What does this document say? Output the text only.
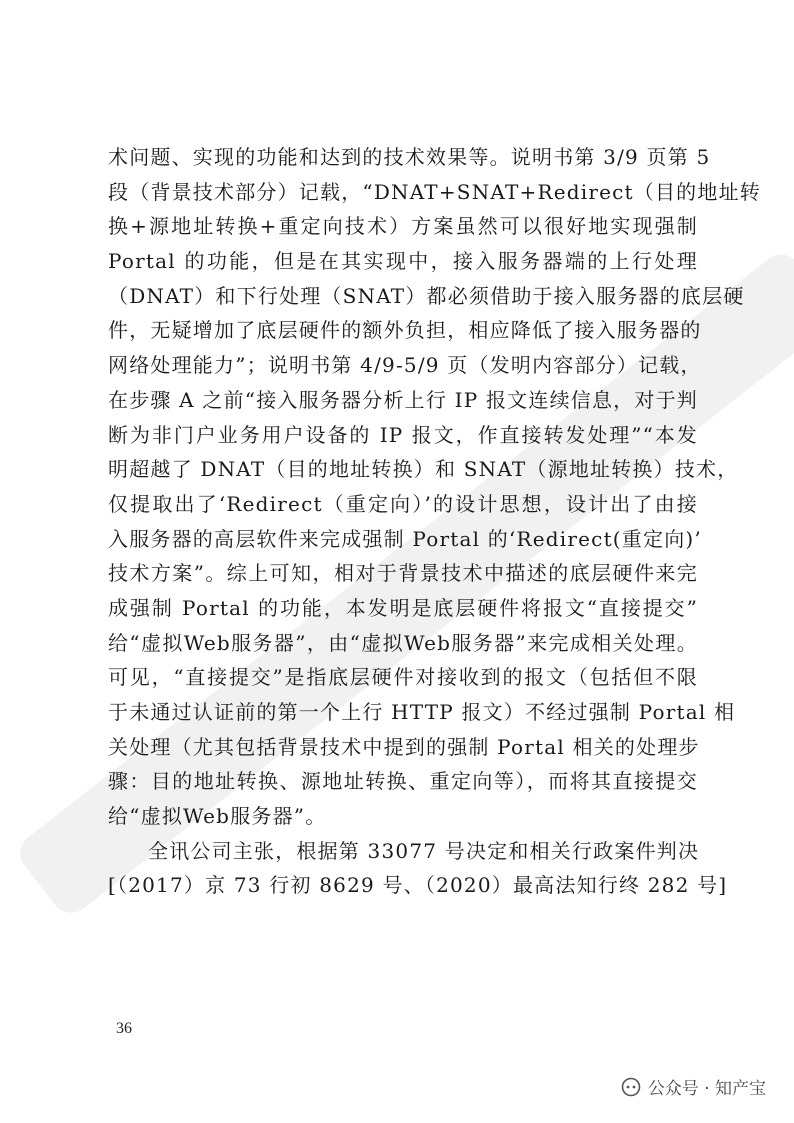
术问题、实现的功能和达到的技术效果等。说明书第 3/9 页第 5
段（背景技术部分）记载，“DNAT+SNAT+Redirect（目的地址转
换+源地址转换+重定向技术）方案虽然可以很好地实现强制
Portal 的功能，但是在其实现中，接入服务器端的上行处理
（DNAT）和下行处理（SNAT）都必须借助于接入服务器的底层硬
件，无疑增加了底层硬件的额外负担，相应降低了接入服务器的
网络处理能力”；说明书第 4/9-5/9 页（发明内容部分）记载，
在步骤 A 之前“接入服务器分析上行 IP 报文连续信息，对于判
断为非门户业务用户设备的 IP 报文，作直接转发处理”“本发
明超越了 DNAT（目的地址转换）和 SNAT（源地址转换）技术，
仅提取出了‘Redirect（重定向）’的设计思想，设计出了由接
入服务器的高层软件来完成强制 Portal 的‘Redirect(重定向)’
技术方案”。综上可知，相对于背景技术中描述的底层硬件来完
成强制 Portal 的功能，本发明是底层硬件将报文“直接提交”
给“虚拟Web服务器”，由“虚拟Web服务器”来完成相关处理。
可见，“直接提交”是指底层硬件对接收到的报文（包括但不限
于未通过认证前的第一个上行 HTTP 报文）不经过强制 Portal 相
关处理（尤其包括背景技术中提到的强制 Portal 相关的处理步
骤：目的地址转换、源地址转换、重定向等），而将其直接提交
给“虚拟Web服务器”。
全讯公司主张，根据第 33077 号决定和相关行政案件判决
[（2017）京 73 行初 8629 号、（2020）最高法知行终 282 号]
36
公众号 · 知产宝
